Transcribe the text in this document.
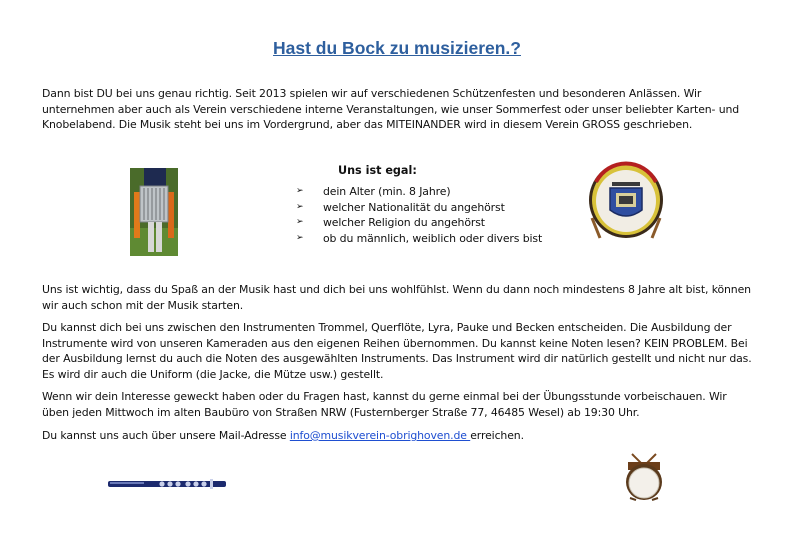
Hast du Bock zu musizieren.?

Dann bist DU bei uns genau richtig. Seit 2013 spielen wir auf verschiedenen Schützenfesten und besonderen Anlässen. Wir unternehmen aber auch als Verein verschiedene interne Veranstaltungen, wie unser Sommerfest oder unser beliebter Karten- und Knobelabend. Die Musik steht bei uns im Vordergrund, aber das MITEINANDER wird in diesem Verein GROSS geschrieben.

Uns ist egal:
➢	dein Alter (min. 8 Jahre)
➢	welcher Nationalität du angehörst
➢	welcher Religion du angehörst
➢	ob du männlich, weiblich oder divers bist

Uns ist wichtig, dass du Spaß an der Musik hast und dich bei uns wohlfühlst. Wenn du dann noch mindestens 8 Jahre alt bist, können wir auch schon mit der Musik starten.

Du kannst dich bei uns zwischen den Instrumenten Trommel, Querflöte, Lyra, Pauke und Becken entscheiden. Die Ausbildung der Instrumente wird von unseren Kameraden aus den eigenen Reihen übernommen. Du kannst keine Noten lesen? KEIN PROBLEM. Bei der Ausbildung lernst du auch die Noten des ausgewählten Instruments. Das Instrument wird dir natürlich gestellt und nicht nur das. Es wird dir auch die Uniform (die Jacke, die Mütze usw.) gestellt.

Wenn wir dein Interesse geweckt haben oder du Fragen hast, kannst du gerne einmal bei der Übungsstunde vorbeischauen. Wir üben jeden Mittwoch im alten Baubüro von Straßen NRW (Fusternberger Straße 77, 46485 Wesel) ab 19:30 Uhr.

Du kannst uns auch über unsere Mail-Adresse info@musikverein-obrighoven.de erreichen.
